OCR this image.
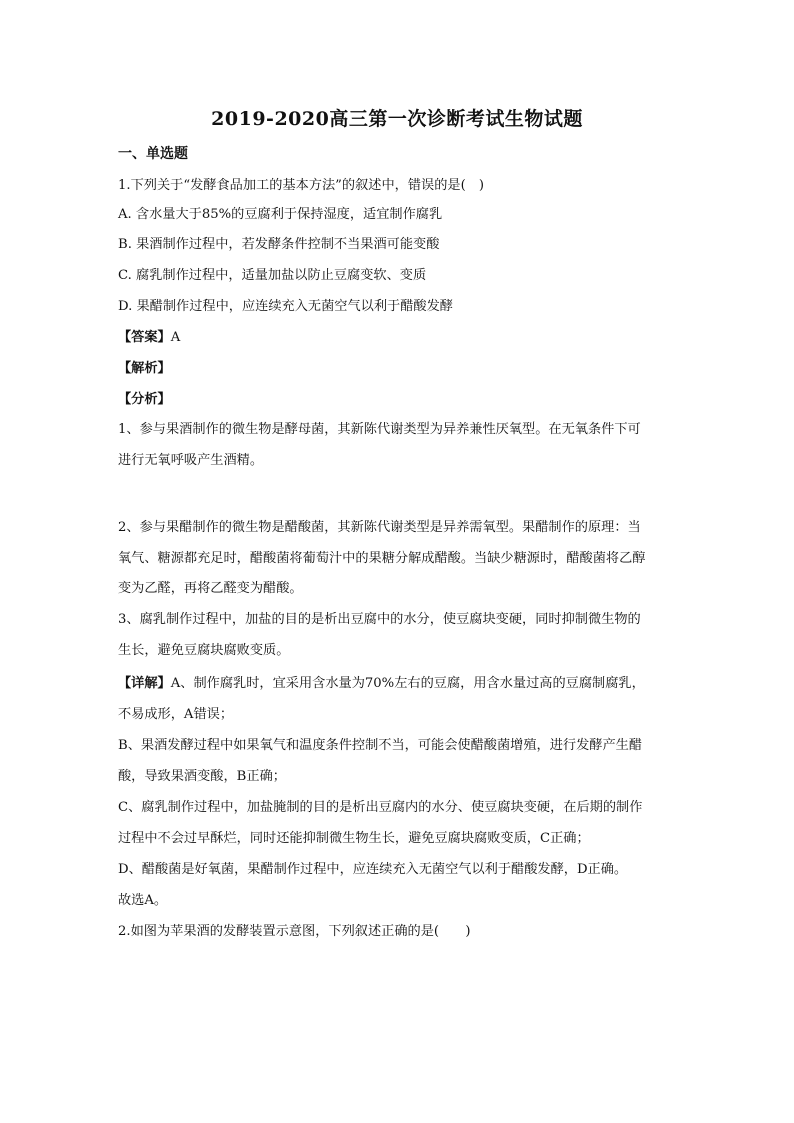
2019-2020高三第一次诊断考试生物试题
一、单选题
1.下列关于“发酵食品加工的基本方法”的叙述中，错误的是(　)
A. 含水量大于85%的豆腐利于保持湿度，适宜制作腐乳
B. 果酒制作过程中，若发酵条件控制不当果酒可能变酸
C. 腐乳制作过程中，适量加盐以防止豆腐变软、变质
D. 果醋制作过程中，应连续充入无菌空气以利于醋酸发酵
【答案】A
【解析】
【分析】
1、参与果酒制作的微生物是酵母菌，其新陈代谢类型为异养兼性厌氧型。在无氧条件下可
进行无氧呼吸产生酒精。
2、参与果醋制作的微生物是醋酸菌，其新陈代谢类型是异养需氧型。果醋制作的原理：当
氧气、糖源都充足时，醋酸菌将葡萄汁中的果糖分解成醋酸。当缺少糖源时，醋酸菌将乙醇
变为乙醛，再将乙醛变为醋酸。
3、腐乳制作过程中，加盐的目的是析出豆腐中的水分，使豆腐块变硬，同时抑制微生物的
生长，避免豆腐块腐败变质。
【详解】A、制作腐乳时，宜采用含水量为70%左右的豆腐，用含水量过高的豆腐制腐乳，
不易成形，A错误；
B、果酒发酵过程中如果氧气和温度条件控制不当，可能会使醋酸菌增殖，进行发酵产生醋
酸，导致果酒变酸，B正确；
C、腐乳制作过程中，加盐腌制的目的是析出豆腐内的水分、使豆腐块变硬，在后期的制作
过程中不会过早酥烂，同时还能抑制微生物生长，避免豆腐块腐败变质，C正确；
D、醋酸菌是好氧菌，果醋制作过程中，应连续充入无菌空气以利于醋酸发酵，D正确。
故选A。
2.如图为苹果酒的发酵装置示意图，下列叙述正确的是(　　)
